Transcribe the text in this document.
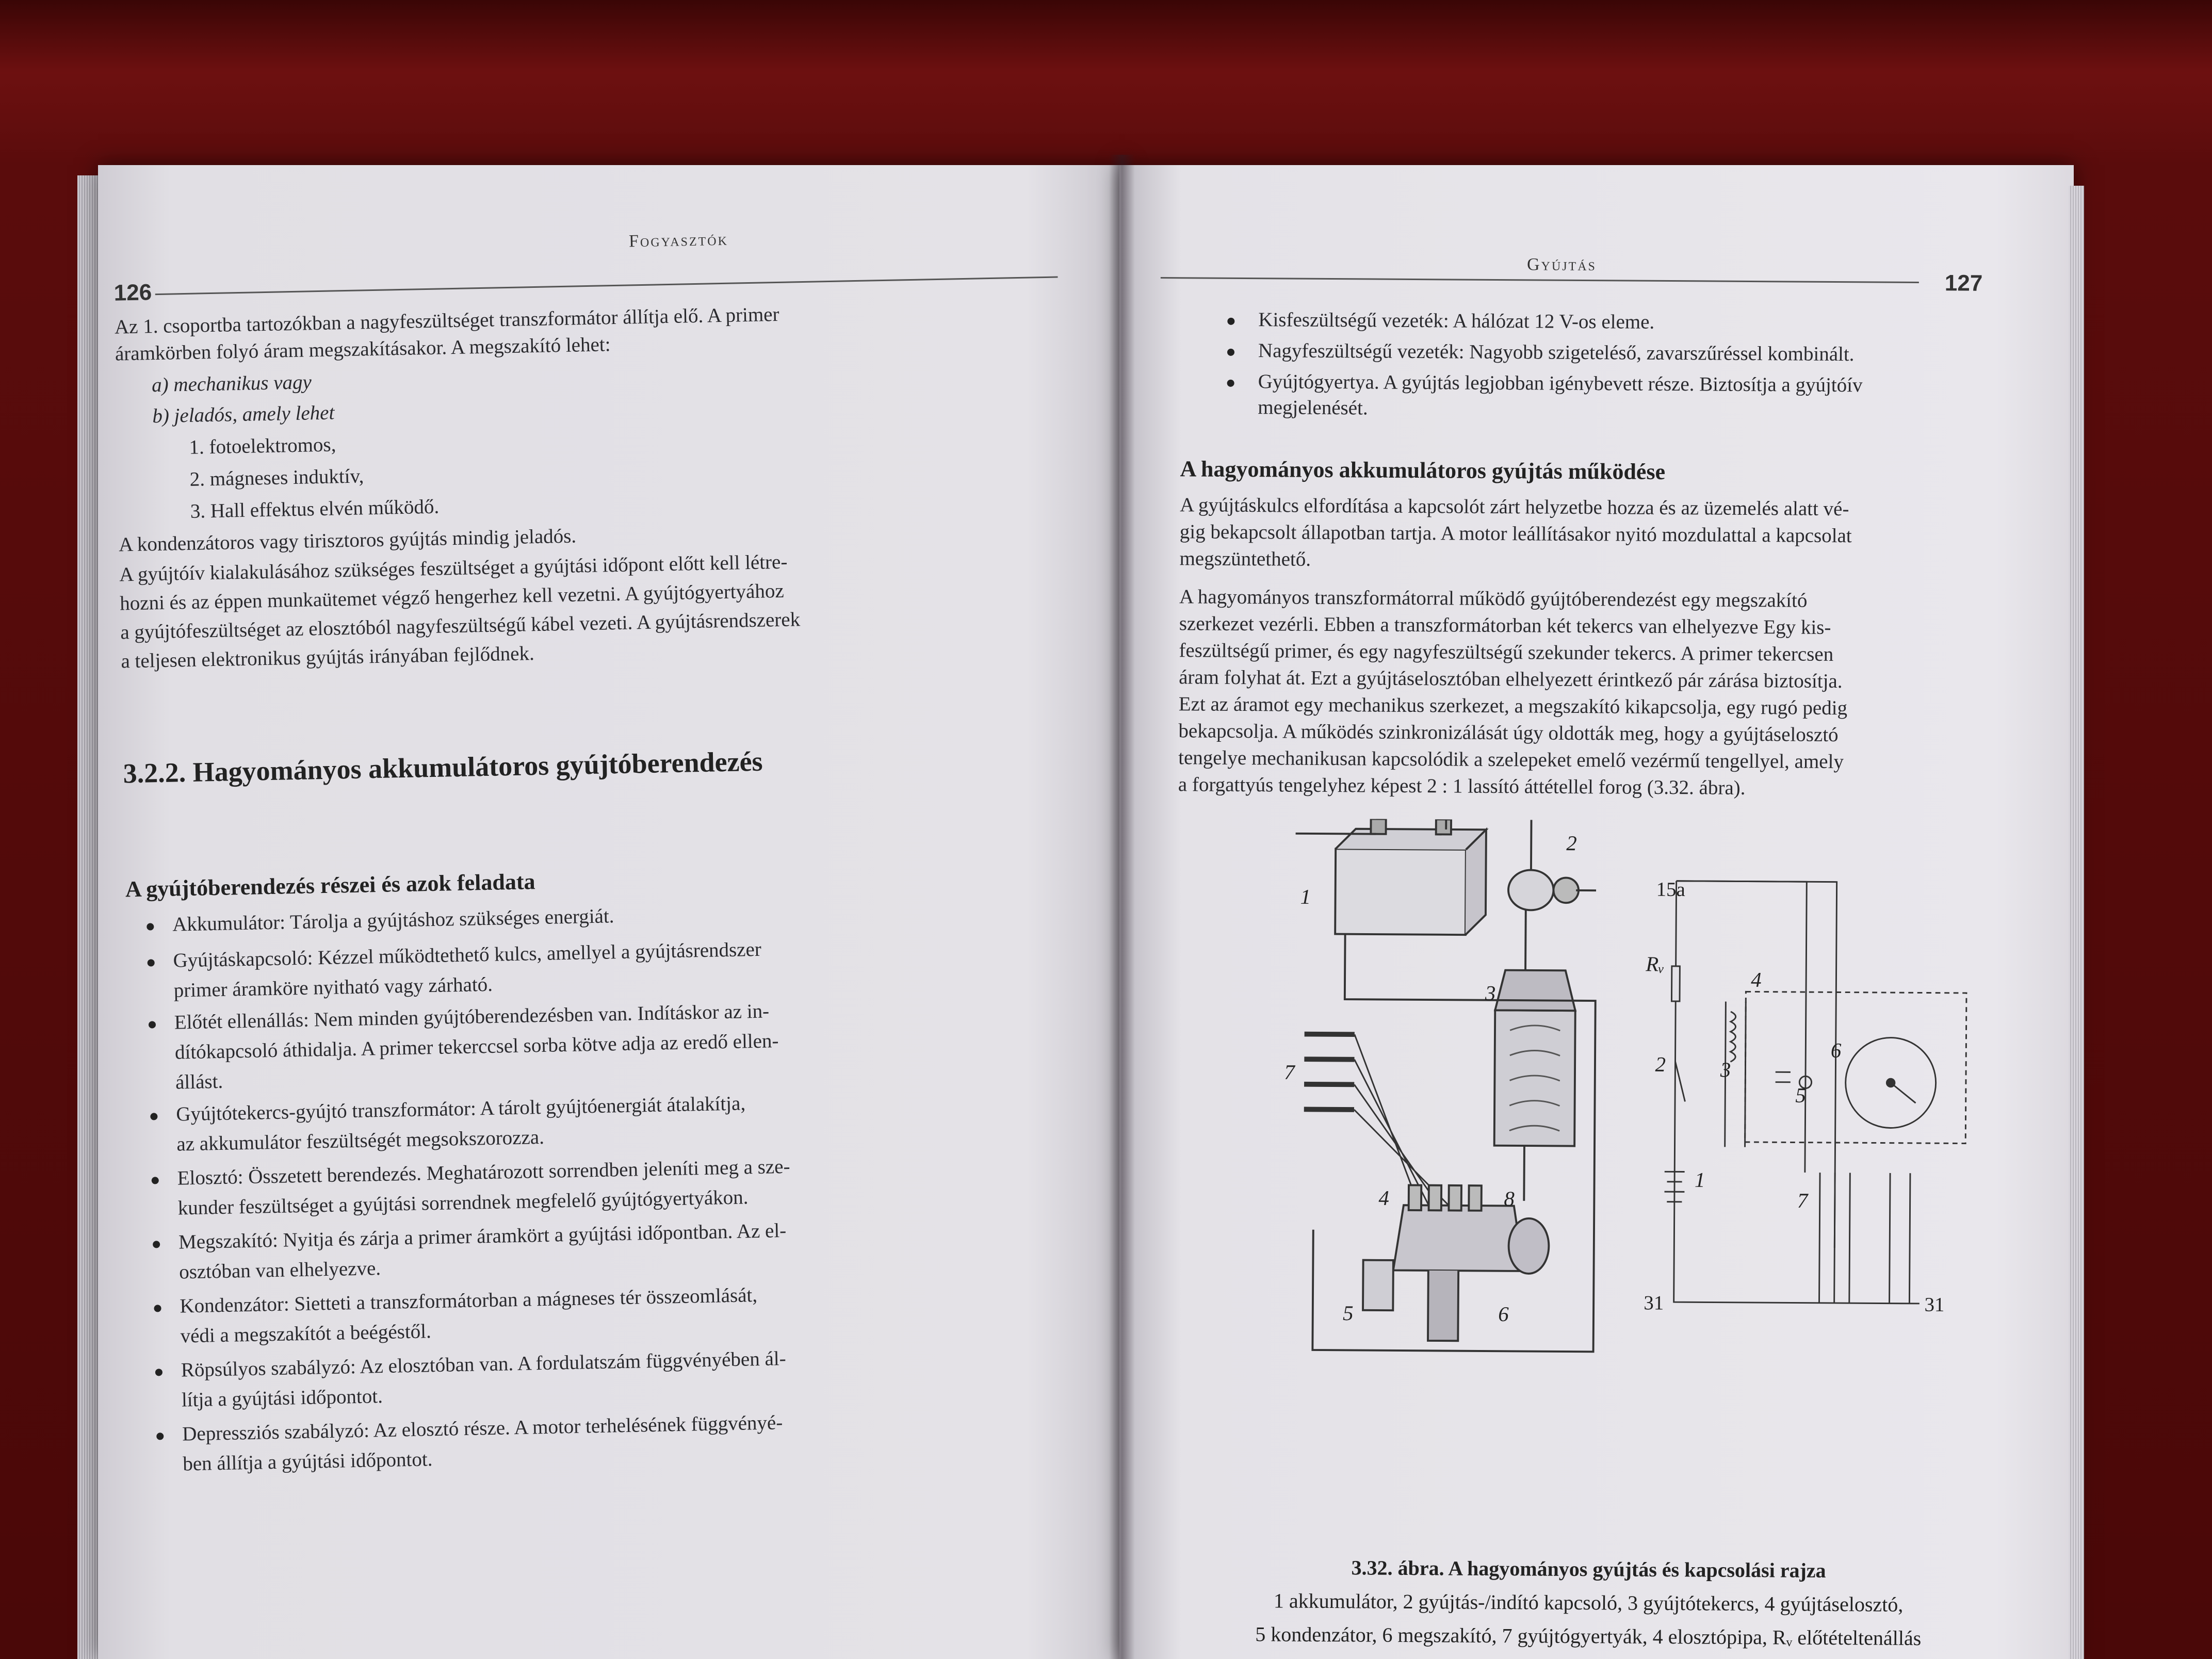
Fogyasztók
126
Az 1. csoportba tartozókban a nagyfeszültséget transzformátor állítja elő. A primer
áramkörben folyó áram megszakításakor. A megszakító lehet:
a) mechanikus vagy
b) jeladós, amely lehet
1. fotoelektromos,
2. mágneses induktív,
3. Hall effektus elvén működő.
A kondenzátoros vagy tirisztoros gyújtás mindig jeladós.
A gyújtóív kialakulásához szükséges feszültséget a gyújtási időpont előtt kell létre-
hozni és az éppen munkaütemet végző hengerhez kell vezetni. A gyújtógyertyához
a gyújtófeszültséget az elosztóból nagyfeszültségű kábel vezeti. A gyújtásrendszerek
a teljesen elektronikus gyújtás irányában fejlődnek.
3.2.2. Hagyományos akkumulátoros gyújtóberendezés
A gyújtóberendezés részei és azok feladata
Akkumulátor: Tárolja a gyújtáshoz szükséges energiát.
Gyújtáskapcsoló: Kézzel működtethető kulcs, amellyel a gyújtásrendszer
primer áramköre nyitható vagy zárható.
Előtét ellenállás: Nem minden gyújtóberendezésben van. Indításkor az in-
dítókapcsoló áthidalja. A primer tekerccsel sorba kötve adja az eredő ellen-
állást.
Gyújtótekercs-gyújtó transzformátor: A tárolt gyújtóenergiát átalakítja,
az akkumulátor feszültségét megsokszorozza.
Elosztó: Összetett berendezés. Meghatározott sorrendben jeleníti meg a sze-
kunder feszültséget a gyújtási sorrendnek megfelelő gyújtógyertyákon.
Megszakító: Nyitja és zárja a primer áramkört a gyújtási időpontban. Az el-
osztóban van elhelyezve.
Kondenzátor: Sietteti a transzformátorban a mágneses tér összeomlását,
védi a megszakítót a beégéstől.
Röpsúlyos szabályzó: Az elosztóban van. A fordulatszám függvényében ál-
lítja a gyújtási időpontot.
Depressziós szabályzó: Az elosztó része. A motor terhelésének függvényé-
ben állítja a gyújtási időpontot.
Gyújtás
127
Kisfeszültségű vezeték: A hálózat 12 V-os eleme.
Nagyfeszültségű vezeték: Nagyobb szigeteléső, zavarszűréssel kombinált.
Gyújtógyertya. A gyújtás legjobban igénybevett része. Biztosítja a gyújtóív
megjelenését.
A hagyományos akkumulátoros gyújtás működése
A gyújtáskulcs elfordítása a kapcsolót zárt helyzetbe hozza és az üzemelés alatt vé-
gig bekapcsolt állapotban tartja. A motor leállításakor nyitó mozdulattal a kapcsolat
megszüntethető.
A hagyományos transzformátorral működő gyújtóberendezést egy megszakító
szerkezet vezérli. Ebben a transzformátorban két tekercs van elhelyezve Egy kis-
feszültségű primer, és egy nagyfeszültségű szekunder tekercs. A primer tekercsen
áram folyhat át. Ezt a gyújtáselosztóban elhelyezett érintkező pár zárása biztosítja.
Ezt az áramot egy mechanikus szerkezet, a megszakító kikapcsolja, egy rugó pedig
bekapcsolja. A működés szinkronizálását úgy oldották meg, hogy a gyújtáselosztó
tengelye mechanikusan kapcsolódik a szelepeket emelő vezérmű tengellyel, amely
a forgattyús tengelyhez képest 2 : 1 lassító áttétellel forog (3.32. ábra).
1
2
3
4
5	6
7
8
4
3
2
1
5
6
7
Rᵥ
15a
31	31
3.32. ábra. A hagyományos gyújtás és kapcsolási rajza
1 akkumulátor, 2 gyújtás-/indító kapcsoló, 3 gyújtótekercs, 4 gyújtáselosztó,
5 kondenzátor, 6 megszakító, 7 gyújtógyertyák, 4 elosztópipa, Rᵥ előtételtenállás
